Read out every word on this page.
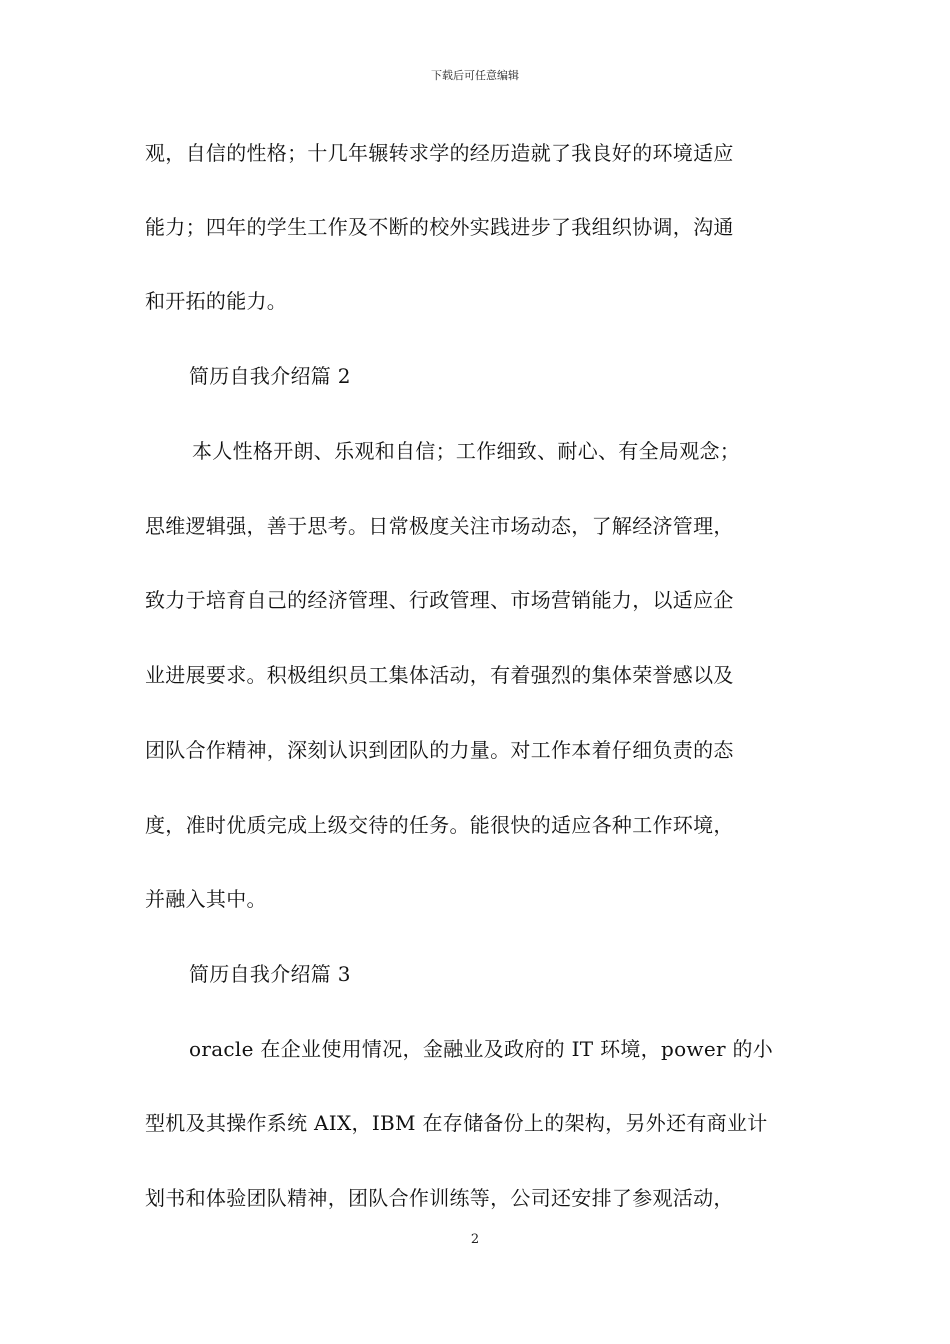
下载后可任意编辑
观，自信的性格；十几年辗转求学的经历造就了我良好的环境适应
能力；四年的学生工作及不断的校外实践进步了我组织协调，沟通
和开拓的能力。
简历自我介绍篇 2
本人性格开朗、乐观和自信；工作细致、耐心、有全局观念；
思维逻辑强，善于思考。日常极度关注市场动态，了解经济管理，
致力于培育自己的经济管理、行政管理、市场营销能力，以适应企
业进展要求。积极组织员工集体活动，有着强烈的集体荣誉感以及
团队合作精神，深刻认识到团队的力量。对工作本着仔细负责的态
度，准时优质完成上级交待的任务。能很快的适应各种工作环境，
并融入其中。
简历自我介绍篇 3
oracle 在企业使用情况，金融业及政府的 IT 环境，power 的小
型机及其操作系统 AIX，IBM 在存储备份上的架构，另外还有商业计
划书和体验团队精神，团队合作训练等，公司还安排了参观活动，
2
